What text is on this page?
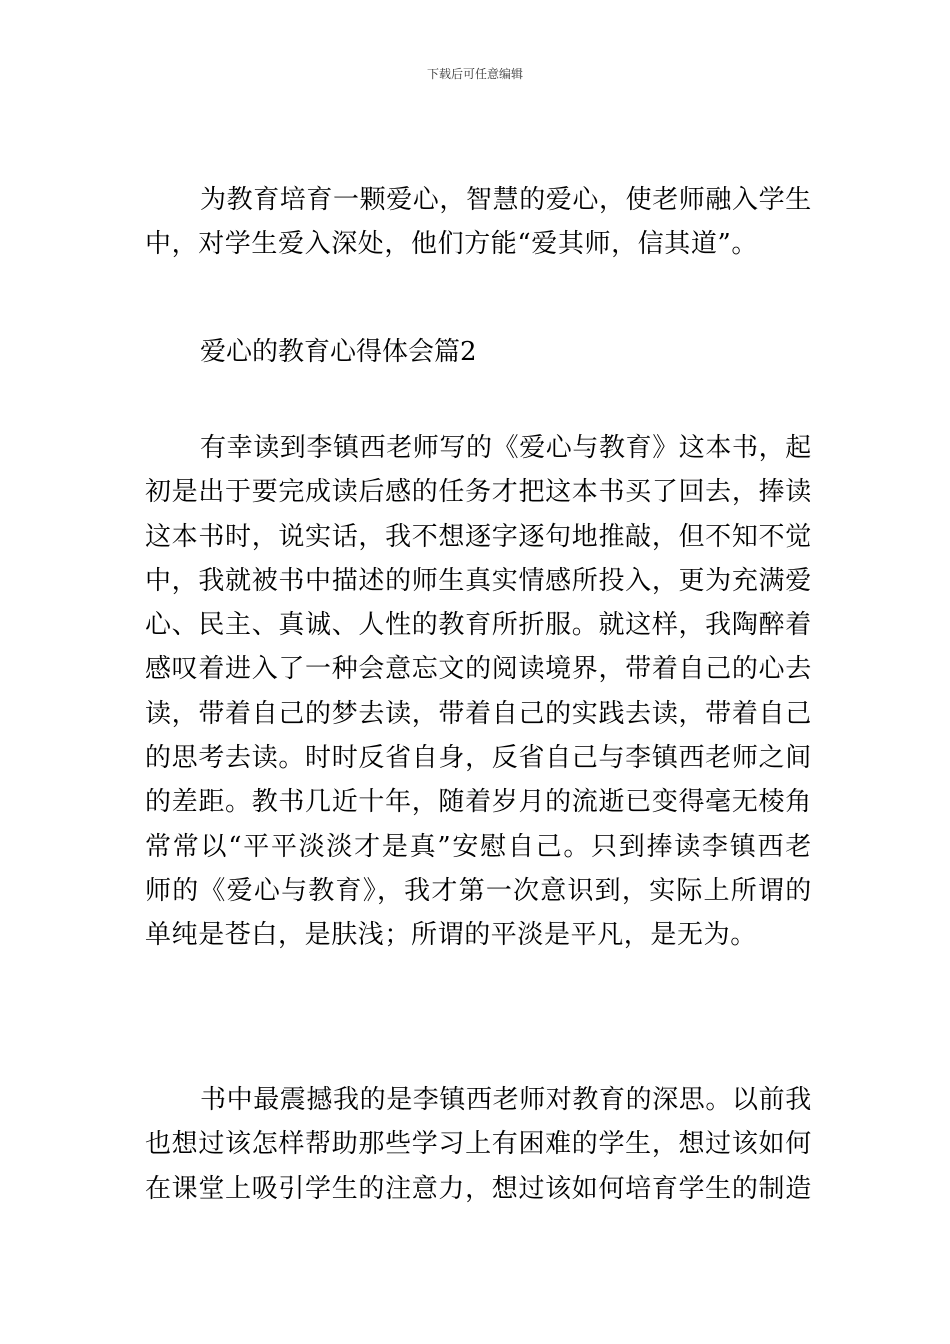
下载后可任意编辑
为教育培育一颗爱心，智慧的爱心，使老师融入学生
中，对学生爱入深处，他们方能“爱其师，信其道”。

爱心的教育心得体会篇2

有幸读到李镇西老师写的《爱心与教育》这本书，起
初是出于要完成读后感的任务才把这本书买了回去，捧读
这本书时，说实话，我不想逐字逐句地推敲，但不知不觉
中，我就被书中描述的师生真实情感所投入，更为充满爱
心、民主、真诚、人性的教育所折服。就这样，我陶醉着
感叹着进入了一种会意忘文的阅读境界，带着自己的心去
读，带着自己的梦去读，带着自己的实践去读，带着自己
的思考去读。时时反省自身，反省自己与李镇西老师之间
的差距。教书几近十年，随着岁月的流逝已变得毫无棱角
常常以“平平淡淡才是真”安慰自己。只到捧读李镇西老
师的《爱心与教育》，我才第一次意识到，实际上所谓的
单纯是苍白，是肤浅；所谓的平淡是平凡，是无为。
书中最震撼我的是李镇西老师对教育的深思。以前我
也想过该怎样帮助那些学习上有困难的学生，想过该如何
在课堂上吸引学生的注意力，想过该如何培育学生的制造
